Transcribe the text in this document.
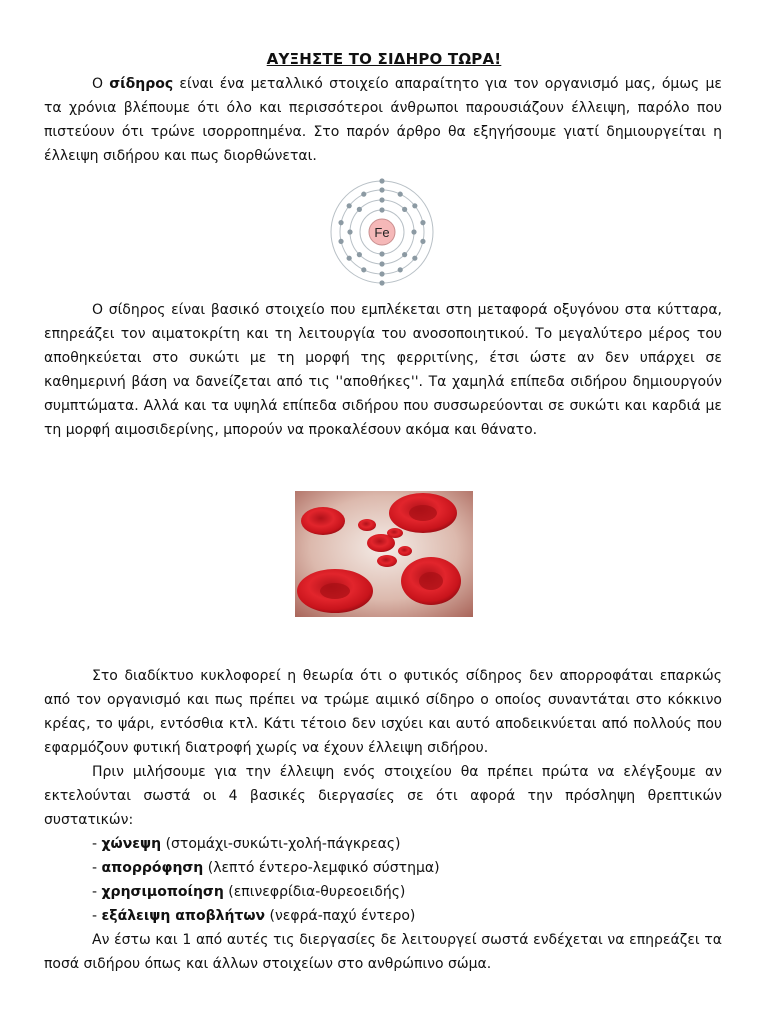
ΑΥΞΗΣΤΕ ΤΟ ΣΙΔΗΡΟ ΤΩΡΑ!

Ο σίδηρος είναι ένα μεταλλικό στοιχείο απαραίτητο για τον οργανισμό μας, όμως με τα χρόνια βλέπουμε ότι όλο και περισσότεροι άνθρωποι παρουσιάζουν έλλειψη, παρόλο που πιστεύουν ότι τρώνε ισορροπημένα. Στο παρόν άρθρο θα εξηγήσουμε γιατί δημιουργείται η έλλειψη σιδήρου και πως διορθώνεται.

Fe

Ο σίδηρος είναι βασικό στοιχείο που εμπλέκεται στη μεταφορά οξυγόνου στα κύτταρα, επηρεάζει τον αιματοκρίτη και τη λειτουργία του ανοσοποιητικού. Το μεγαλύτερο μέρος του αποθηκεύεται στο συκώτι με τη μορφή της φερριτίνης, έτσι ώστε αν δεν υπάρχει σε καθημερινή βάση να δανείζεται από τις ''αποθήκες''. Τα χαμηλά επίπεδα σιδήρου δημιουργούν συμπτώματα. Αλλά και τα υψηλά επίπεδα σιδήρου που συσσωρεύονται σε συκώτι και καρδιά με τη μορφή αιμοσιδερίνης, μπορούν να προκαλέσουν ακόμα και θάνατο.

Στο διαδίκτυο κυκλοφορεί η θεωρία ότι ο φυτικός σίδηρος δεν απορροφάται επαρκώς από τον οργανισμό και πως πρέπει να τρώμε αιμικό σίδηρο ο οποίος συναντάται στο κόκκινο κρέας, το ψάρι, εντόσθια κτλ. Κάτι τέτοιο δεν ισχύει και αυτό αποδεικνύεται από πολλούς που εφαρμόζουν φυτική διατροφή χωρίς να έχουν έλλειψη σιδήρου.

Πριν μιλήσουμε για την έλλειψη ενός στοιχείου θα πρέπει πρώτα να ελέγξουμε αν εκτελούνται σωστά οι 4 βασικές διεργασίες σε ότι αφορά την πρόσληψη θρεπτικών συστατικών:

- χώνεψη (στομάχι-συκώτι-χολή-πάγκρεας)

- απορρόφηση (λεπτό έντερο-λεμφικό σύστημα)

- χρησιμοποίηση (επινεφρίδια-θυρεοειδής)

- εξάλειψη αποβλήτων (νεφρά-παχύ έντερο)

Αν έστω και 1 από αυτές τις διεργασίες δε λειτουργεί σωστά ενδέχεται να επηρεάζει τα ποσά σιδήρου όπως και άλλων στοιχείων στο ανθρώπινο σώμα.
